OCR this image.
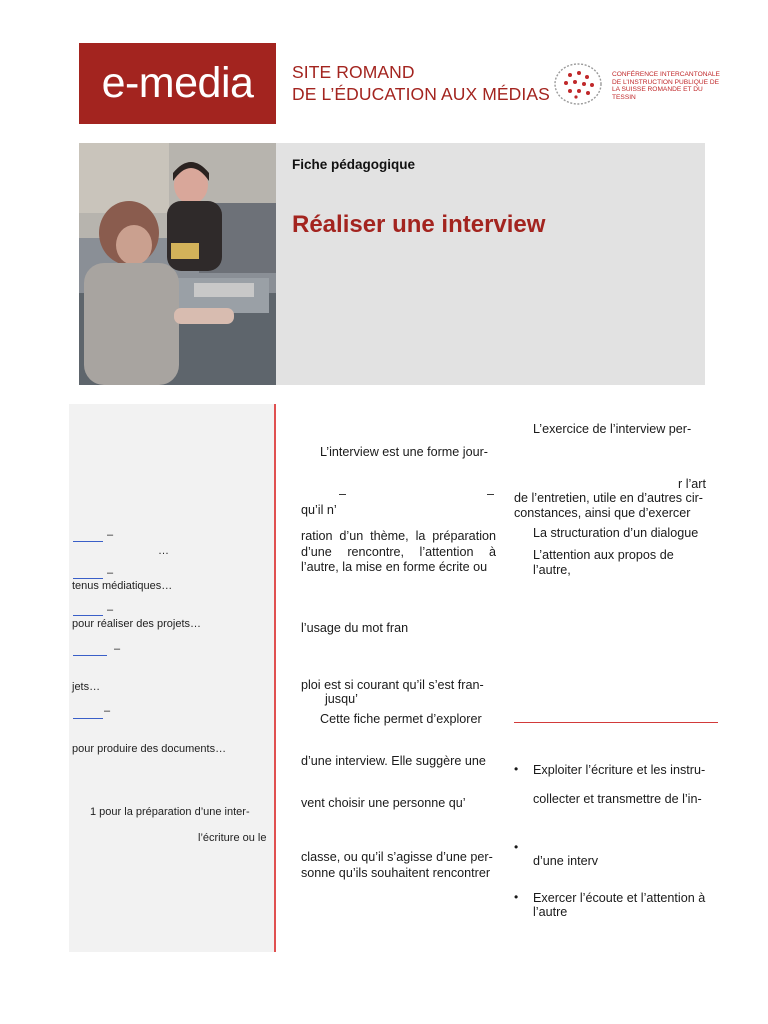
e-media	SITE ROMAND
DE L’ÉDUCATION AUX MÉDIAS
CONFÉRENCE INTERCANTONALE DE L’INSTRUCTION PUBLIQUE DE LA SUISSE ROMANDE ET DU TESSIN
Fiche pédagogique
Réaliser une interview
–
…
–
tenus médiatiques…
–
pour réaliser des projets…
–
jets…
–
pour produire des documents…
1 pour la préparation d’une inter-
l’écriture ou le
L’interview est une forme jour-
–	–
qu’il n’
ration d’un thème, la préparation
d’une rencontre, l’attention à
l’autre, la mise en forme écrite ou
l’usage du mot fran
ploi est si courant qu’il s’est fran-
jusqu’
Cette fiche permet d’explorer
d’une interview. Elle suggère une
vent choisir une personne qu’
classe, ou qu’il s’agisse d’une per-
sonne qu’ils souhaitent rencontrer
L’exercice de l’interview per-
r l’art
de l’entretien, utile en d’autres cir-
constances, ainsi que d’exercer
La structuration d’un dialogue
L’attention aux propos de
l’autre,
• Exploiter l’écriture et les instru-
collecter et transmettre de l’in-
•
d’une interv
• Exercer l’écoute et l’attention à
l’autre
